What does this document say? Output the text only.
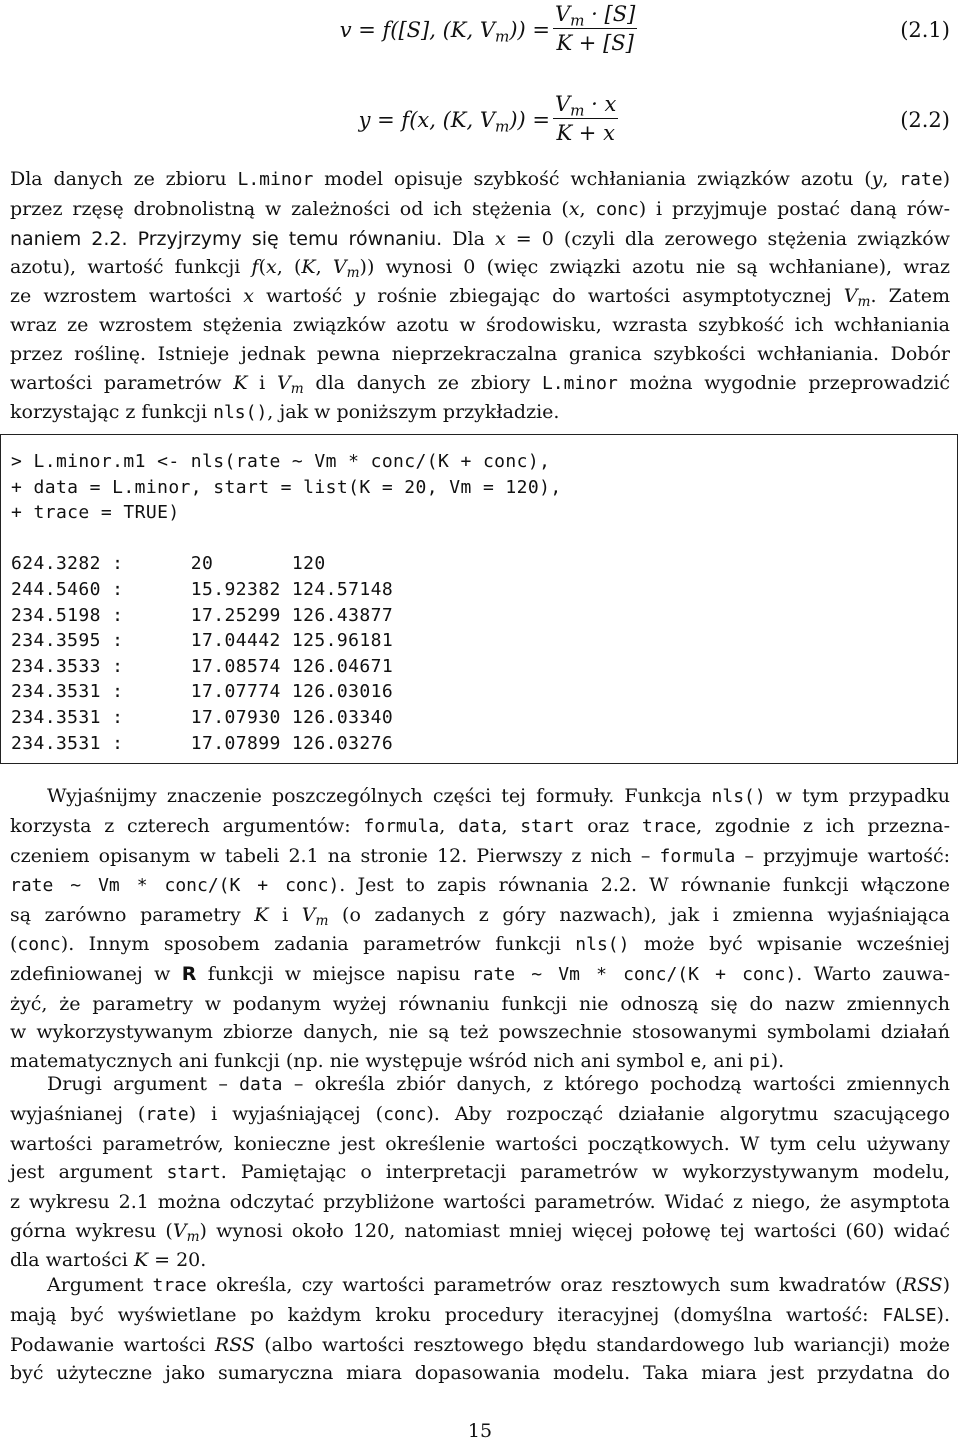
v = f([S], (K, $V_m)) = \frac{V_m \cdot [S]}{K + [S]}$	(2.1)
y = f(x, (K, $V_m)) = \frac{V_m \cdot x}{K + x}$	(2.2)
Dla danych ze zbioru L.minor model opisuje szybkość wchłaniania związków azotu (y, rate)
przez rzęsę drobnolistną w zależności od ich stężenia (x, conc) i przyjmuje postać daną rów-
naniem 2.2. Przyjrzymy się temu równaniu. Dla x = 0 (czyli dla zerowego stężenia związków
azotu), wartość funkcji f(x, (K, $V_m$)) wynosi 0 (więc związki azotu nie są wchłaniane), wraz
ze wzrostem wartości x wartość y rośnie zbiegając do wartości asymptotycznej $V_m$. Zatem
wraz ze wzrostem stężenia związków azotu w środowisku, wzrasta szybkość ich wchłaniania
przez roślinę. Istnieje jednak pewna nieprzekraczalna granica szybkości wchłaniania. Dobór
wartości parametrów K i $V_m$ dla danych ze zbiory L.minor można wygodnie przeprowadzić
korzystając z funkcji nls(), jak w poniższym przykładzie.
> L.minor.m1 <- nls(rate ~ Vm * conc/(K + conc),
+ data = L.minor, start = list(K = 20, Vm = 120),
+ trace = TRUE)

624.3282 :      20       120
244.5460 :      15.92382 124.57148
234.5198 :      17.25299 126.43877
234.3595 :      17.04442 125.96181
234.3533 :      17.08574 126.04671
234.3531 :      17.07774 126.03016
234.3531 :      17.07930 126.03340
234.3531 :      17.07899 126.03276

Wyjaśnijmy znaczenie poszczególnych części tej formuły. Funkcja nls() w tym przypadku
korzysta z czterech argumentów: formula, data, start oraz trace, zgodnie z ich przezna-
czeniem opisanym w tabeli 2.1 na stronie 12. Pierwszy z nich – formula – przyjmuje wartość:
rate ~ Vm * conc/(K + conc). Jest to zapis równania 2.2. W równanie funkcji włączone
są zarówno parametry K i $V_m$ (o zadanych z góry nazwach), jak i zmienna wyjaśniająca
(conc). Innym sposobem zadania parametrów funkcji nls() może być wpisanie wcześniej
zdefiniowanej w R funkcji w miejsce napisu rate ~ Vm * conc/(K + conc). Warto zauwa-
żyć, że parametry w podanym wyżej równaniu funkcji nie odnoszą się do nazw zmiennych
w wykorzystywanym zbiorze danych, nie są też powszechnie stosowanymi symbolami działań
matematycznych ani funkcji (np. nie występuje wśród nich ani symbol e, ani pi).
Drugi argument – data – określa zbiór danych, z którego pochodzą wartości zmiennych
wyjaśnianej (rate) i wyjaśniającej (conc). Aby rozpocząć działanie algorytmu szacującego
wartości parametrów, konieczne jest określenie wartości początkowych. W tym celu używany
jest argument start. Pamiętając o interpretacji parametrów w wykorzystywanym modelu,
z wykresu 2.1 można odczytać przybliżone wartości parametrów. Widać z niego, że asymptota
górna wykresu $(V_m)$ wynosi około 120, natomiast mniej więcej połowę tej wartości (60) widać
dla wartości K = 20.
Argument trace określa, czy wartości parametrów oraz resztowych sum kwadratów (RSS)
mają być wyświetlane po każdym kroku procedury iteracyjnej (domyślna wartość: FALSE).
Podawanie wartości RSS (albo wartości resztowego błędu standardowego lub wariancji) może
być użyteczne jako sumaryczna miara dopasowania modelu. Taka miara jest przydatna do
15
